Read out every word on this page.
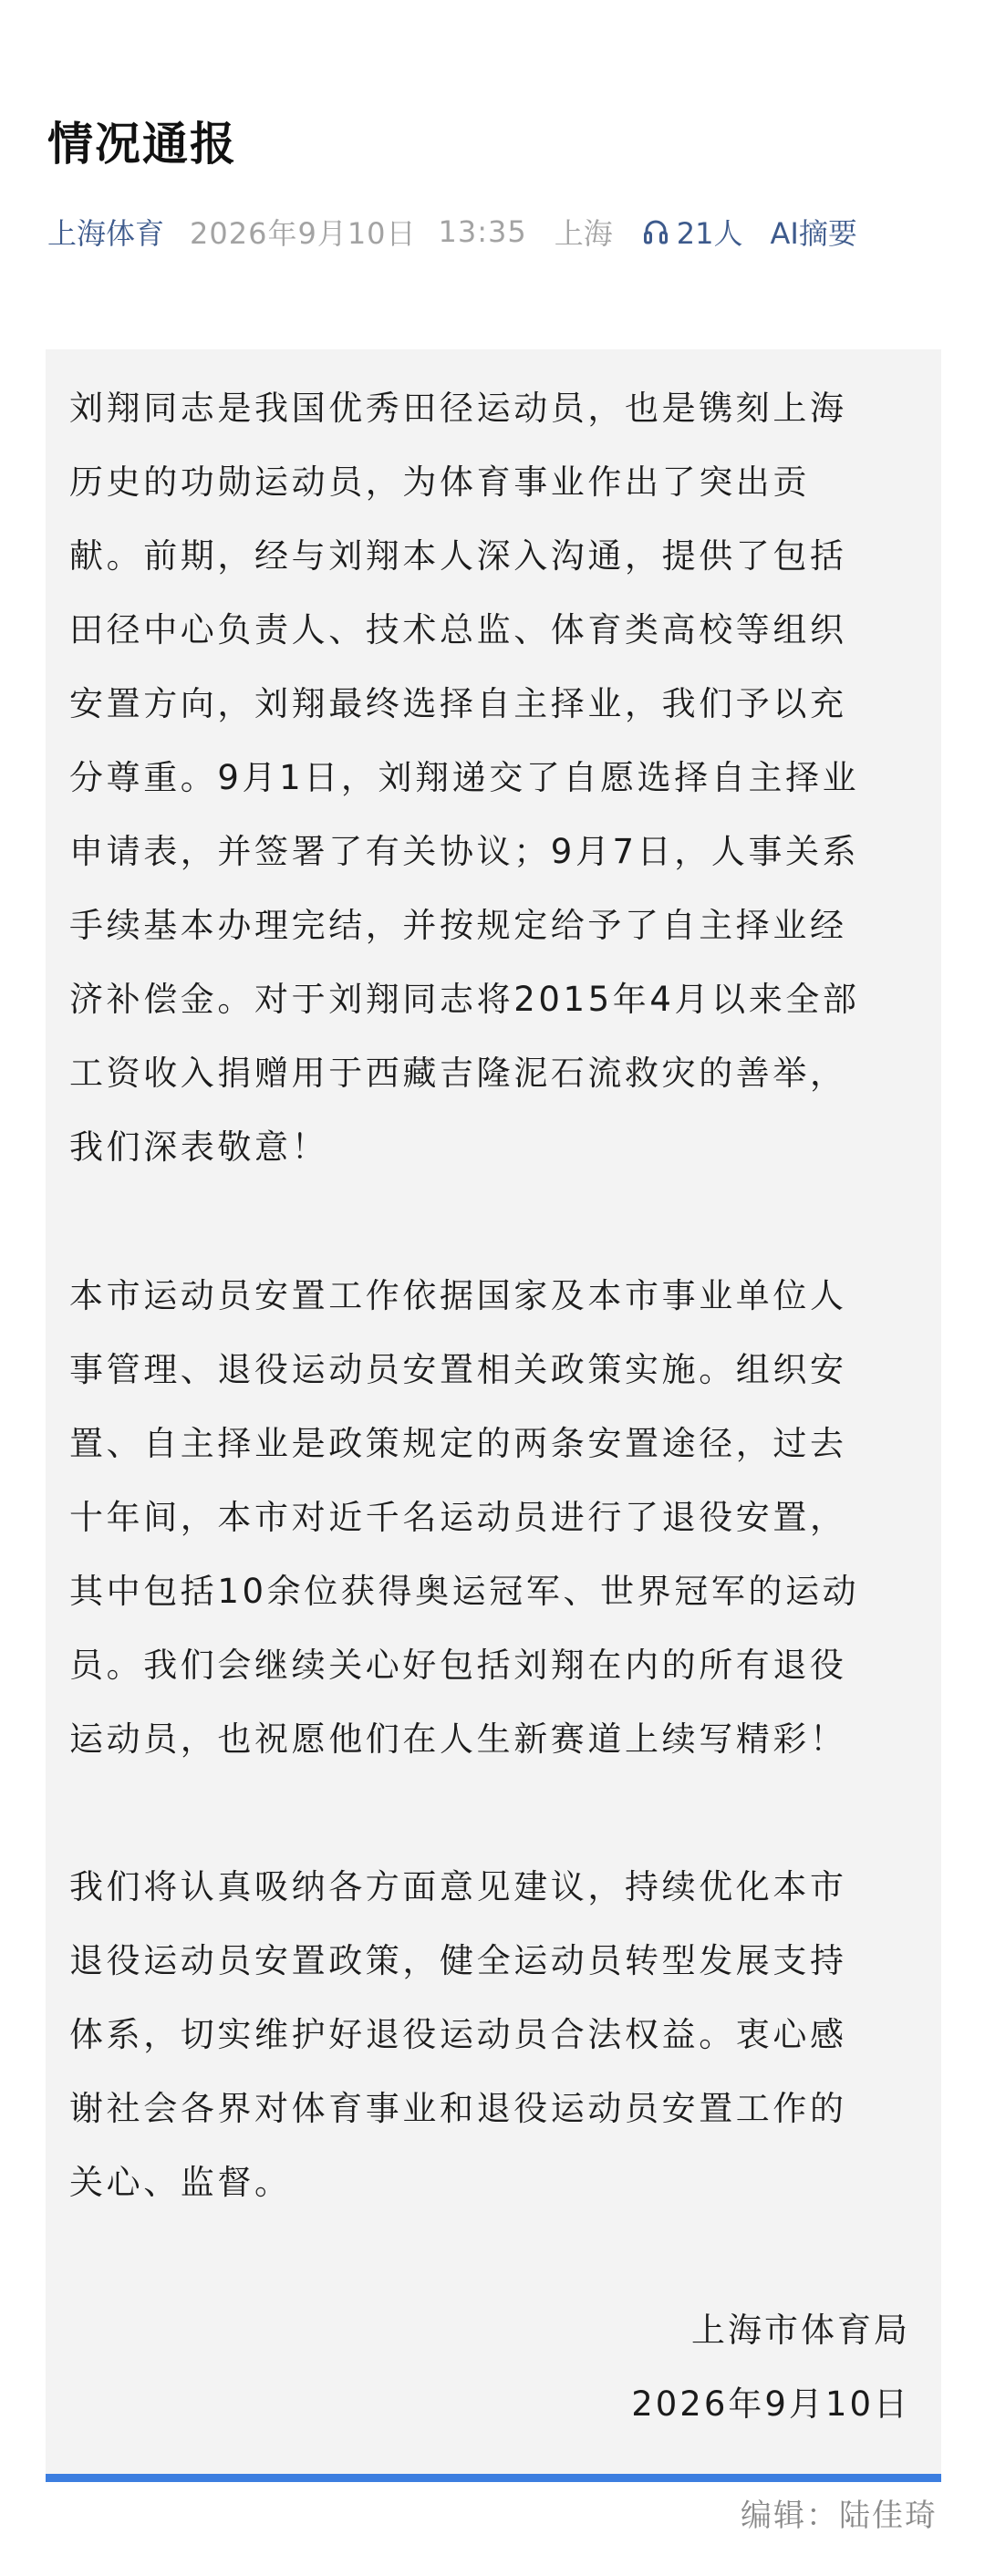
情况通报
上海体育 2026年9月10日 13:35 上海 21人 AI摘要
刘翔同志是我国优秀田径运动员，也是镌刻上海
历史的功勋运动员，为体育事业作出了突出贡
献。前期，经与刘翔本人深入沟通，提供了包括
田径中心负责人、技术总监、体育类高校等组织
安置方向，刘翔最终选择自主择业，我们予以充
分尊重。9月1日，刘翔递交了自愿选择自主择业
申请表，并签署了有关协议；9月7日，人事关系
手续基本办理完结，并按规定给予了自主择业经
济补偿金。对于刘翔同志将2015年4月以来全部
工资收入捐赠用于西藏吉隆泥石流救灾的善举，
我们深表敬意！
本市运动员安置工作依据国家及本市事业单位人
事管理、退役运动员安置相关政策实施。组织安
置、自主择业是政策规定的两条安置途径，过去
十年间，本市对近千名运动员进行了退役安置，
其中包括10余位获得奥运冠军、世界冠军的运动
员。我们会继续关心好包括刘翔在内的所有退役
运动员，也祝愿他们在人生新赛道上续写精彩！
我们将认真吸纳各方面意见建议，持续优化本市
退役运动员安置政策，健全运动员转型发展支持
体系，切实维护好退役运动员合法权益。衷心感
谢社会各界对体育事业和退役运动员安置工作的
关心、监督。
上海市体育局
2026年9月10日
编辑：陆佳琦
